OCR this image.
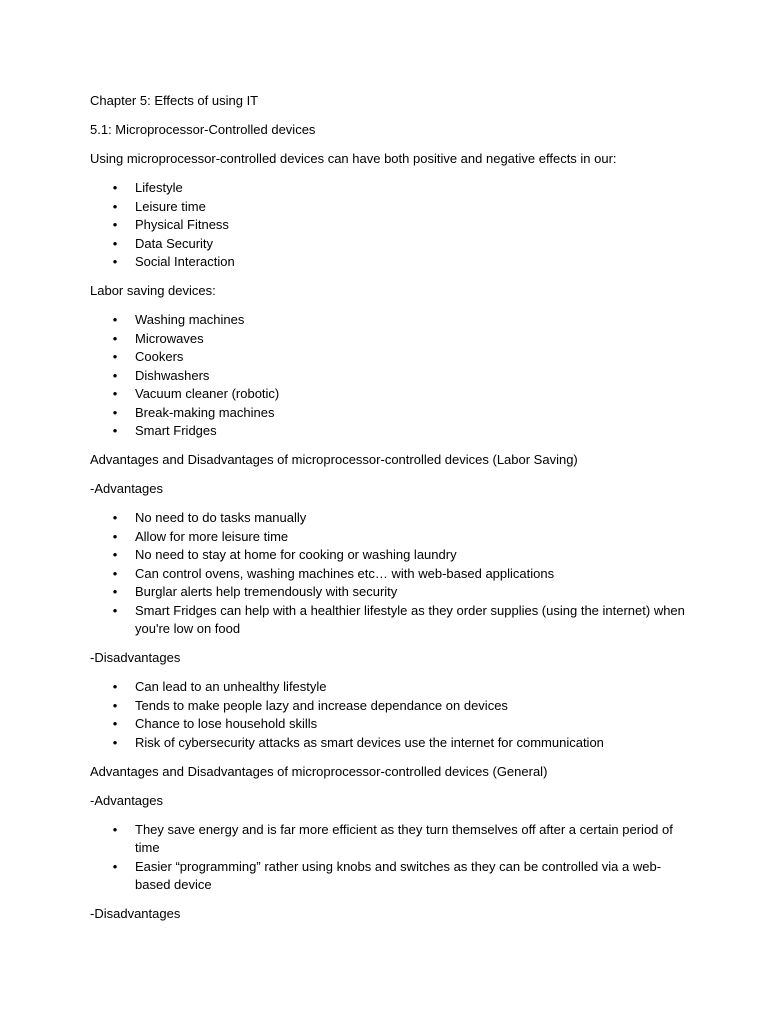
Chapter 5: Effects of using IT

5.1: Microprocessor-Controlled devices

Using microprocessor-controlled devices can have both positive and negative effects in our:

• Lifestyle
• Leisure time
• Physical Fitness
• Data Security
• Social Interaction

Labor saving devices:

• Washing machines
• Microwaves
• Cookers
• Dishwashers
• Vacuum cleaner (robotic)
• Break-making machines
• Smart Fridges

Advantages and Disadvantages of microprocessor-controlled devices (Labor Saving)

-Advantages

• No need to do tasks manually
• Allow for more leisure time
• No need to stay at home for cooking or washing laundry
• Can control ovens, washing machines etc… with web-based applications
• Burglar alerts help tremendously with security
• Smart Fridges can help with a healthier lifestyle as they order supplies (using the internet) when you're low on food

-Disadvantages

• Can lead to an unhealthy lifestyle
• Tends to make people lazy and increase dependance on devices
• Chance to lose household skills
• Risk of cybersecurity attacks as smart devices use the internet for communication

Advantages and Disadvantages of microprocessor-controlled devices (General)

-Advantages

• They save energy and is far more efficient as they turn themselves off after a certain period of time
• Easier “programming” rather using knobs and switches as they can be controlled via a web-based device

-Disadvantages
